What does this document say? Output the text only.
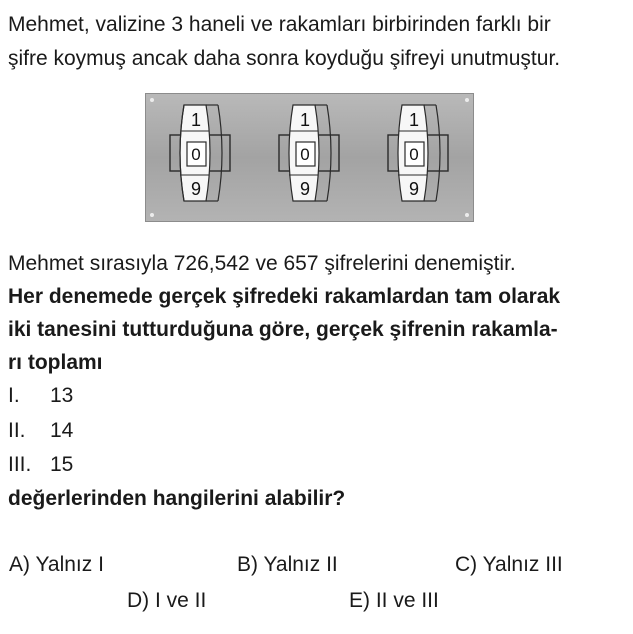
Mehmet, valizine 3 haneli ve rakamları birbirinden farklı bir
şifre koymuş ancak daha sonra koyduğu şifreyi unutmuştur.
1
0
9
1
0
9
1
0
9
Mehmet sırasıyla 726,542 ve 657 şifrelerini denemiştir.
Her denemede gerçek şifredeki rakamlardan tam olarak
iki tanesini tutturduğuna göre, gerçek şifrenin rakamla-
rı toplamı
I. 13
II. 14
III. 15
değerlerinden hangilerini alabilir?
A) Yalnız I	B) Yalnız II	C) Yalnız III
D) I ve II	E) II ve III
